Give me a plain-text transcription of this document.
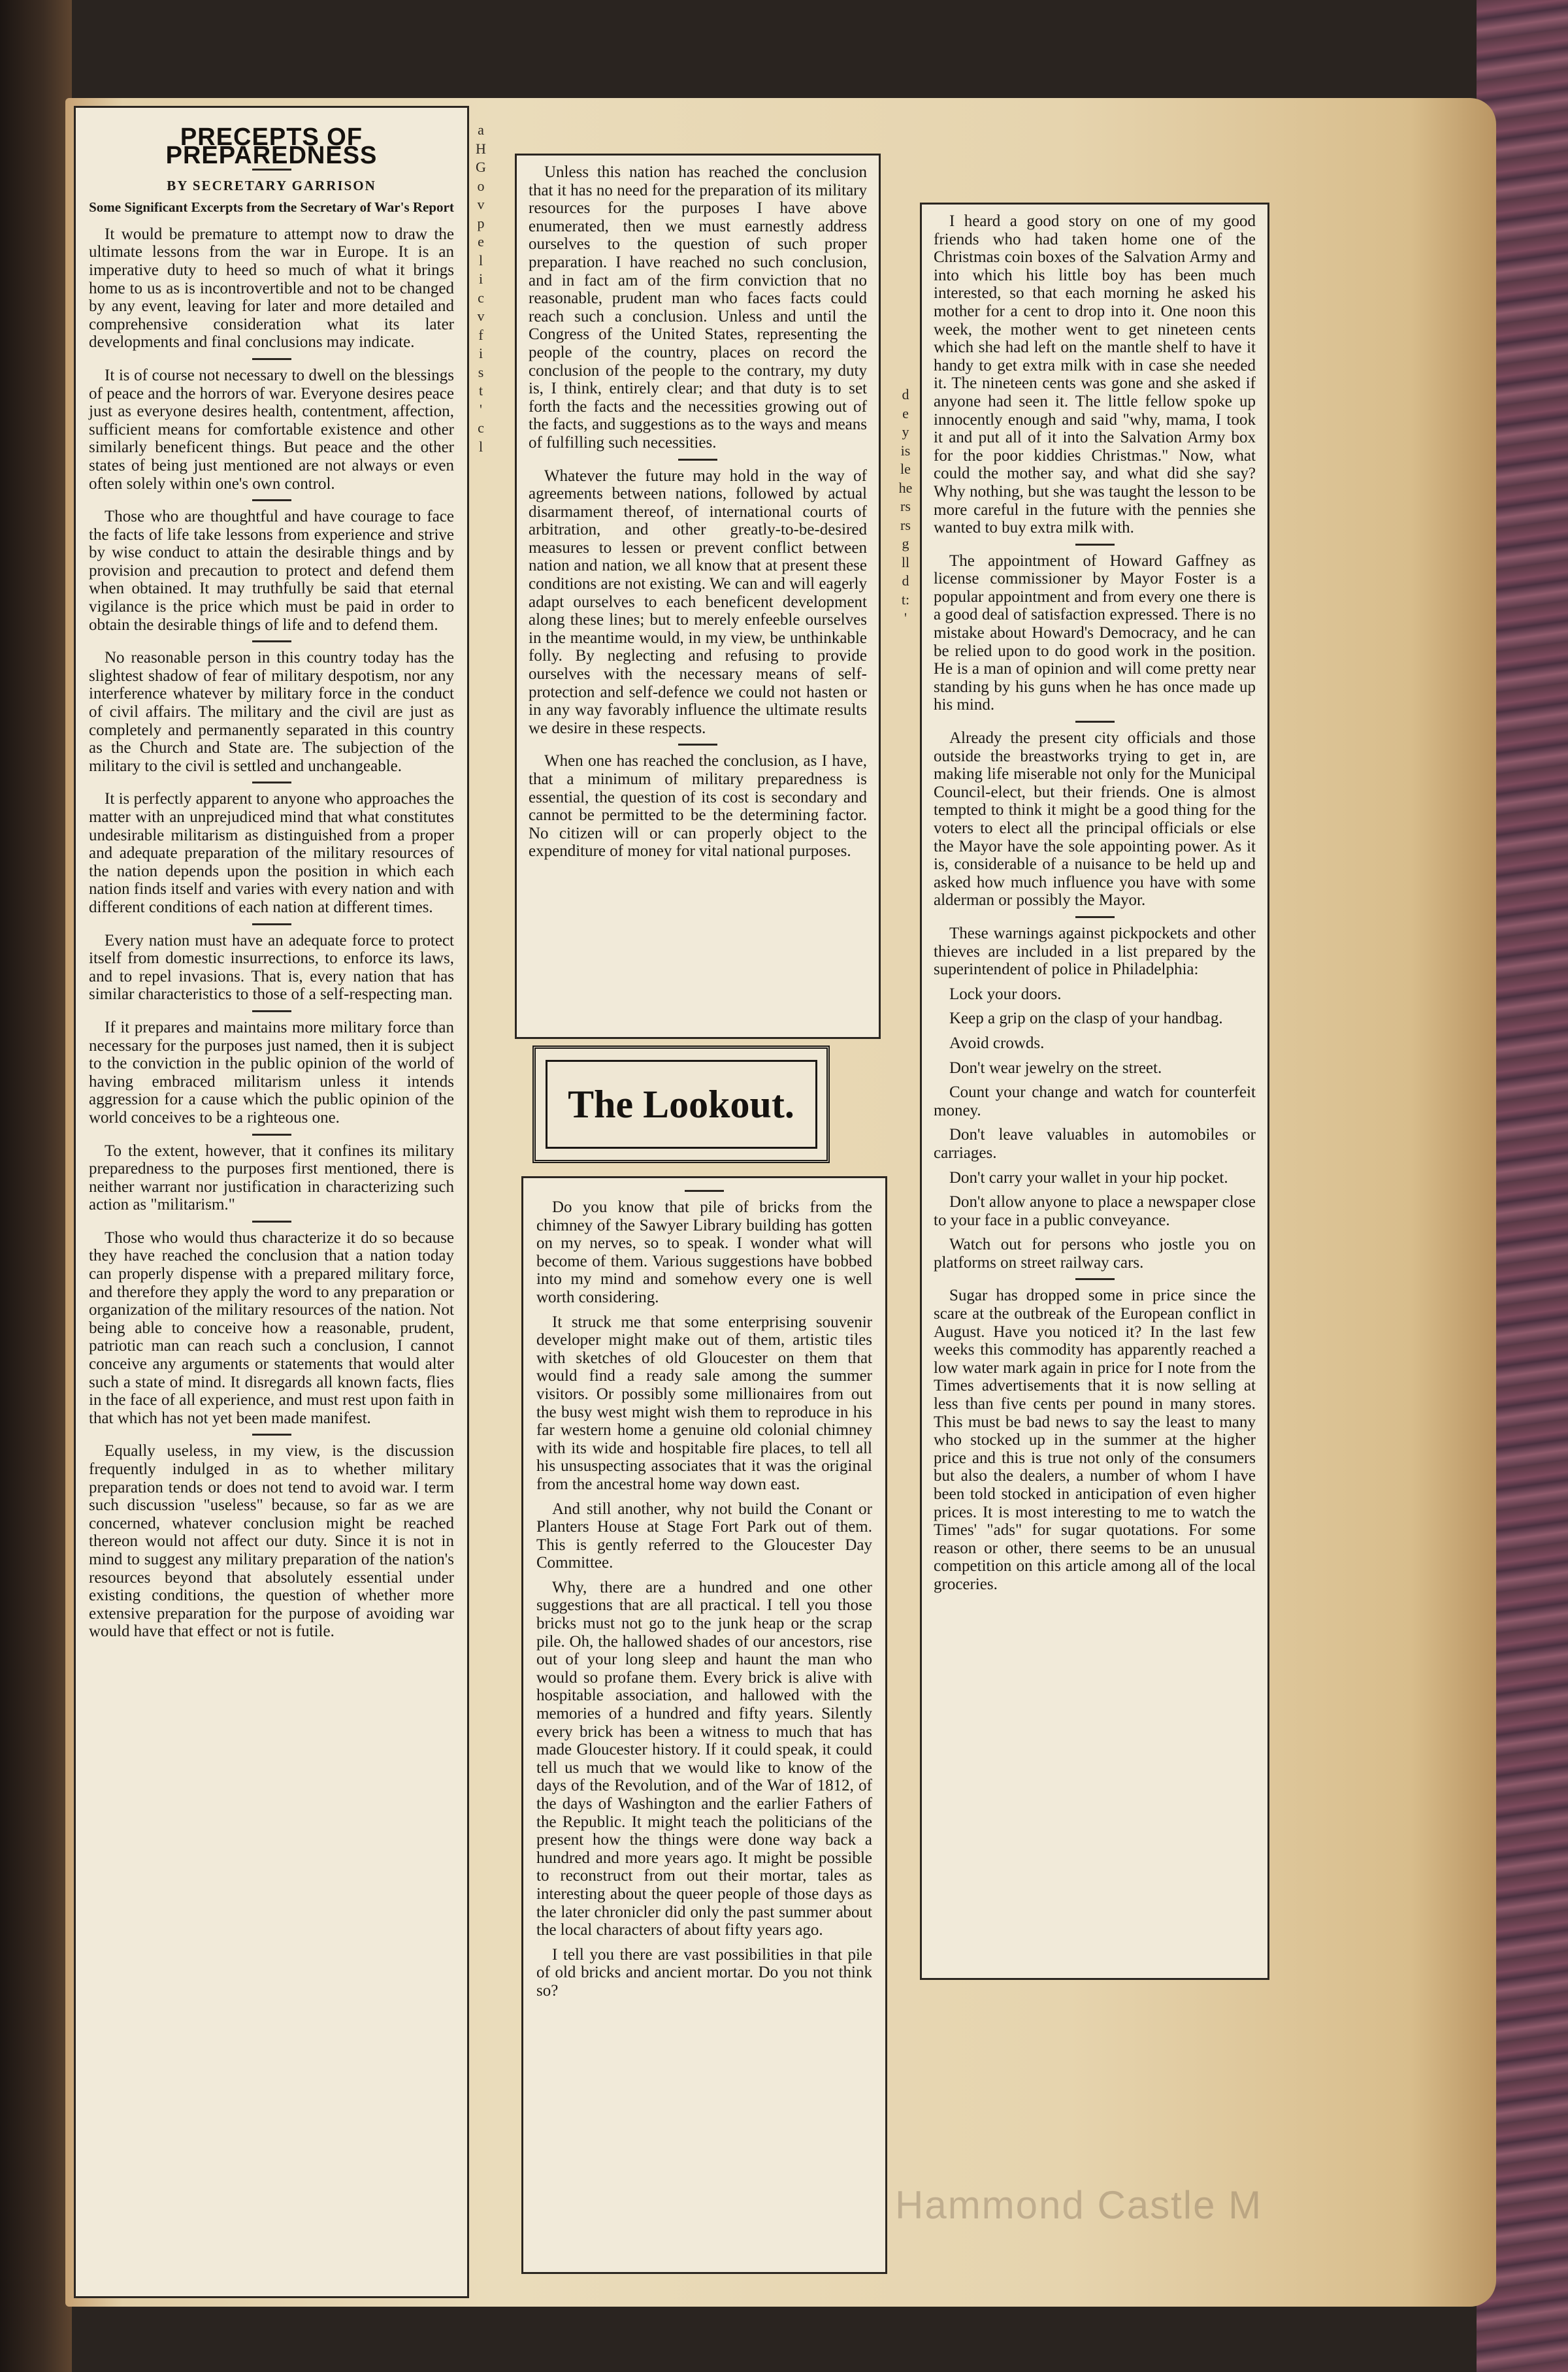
PRECEPTS OF PREPAREDNESS
BY SECRETARY GARRISON
Some Significant Excerpts from the Secretary of War's Report

It would be premature to attempt now to draw the ultimate lessons from the war in Europe. It is an imperative duty to heed so much of what it brings home to us as is incontrovertible and not to be changed by any event, leaving for later and more detailed and comprehensive consideration what its later developments and final conclusions may indicate.

It is of course not necessary to dwell on the blessings of peace and the horrors of war. Everyone desires peace just as everyone desires health, contentment, affection, sufficient means for comfortable existence and other similarly beneficent things. But peace and the other states of being just mentioned are not always or even often solely within one's own control.

Those who are thoughtful and have courage to face the facts of life take lessons from experience and strive by wise conduct to attain the desirable things and by provision and precaution to protect and defend them when obtained. It may truthfully be said that eternal vigilance is the price which must be paid in order to obtain the desirable things of life and to defend them.

No reasonable person in this country today has the slightest shadow of fear of military despotism, nor any interference whatever by military force in the conduct of civil affairs. The military and the civil are just as completely and permanently separated in this country as the Church and State are. The subjection of the military to the civil is settled and unchangeable.

It is perfectly apparent to anyone who approaches the matter with an unprejudiced mind that what constitutes undesirable militarism as distinguished from a proper and adequate preparation of the military resources of the nation depends upon the position in which each nation finds itself and varies with every nation and with different conditions of each nation at different times.

Every nation must have an adequate force to protect itself from domestic insurrections, to enforce its laws, and to repel invasions. That is, every nation that has similar characteristics to those of a self-respecting man.

If it prepares and maintains more military force than necessary for the purposes just named, then it is subject to the conviction in the public opinion of the world of having embraced militarism unless it intends aggression for a cause which the public opinion of the world conceives to be a righteous one.

To the extent, however, that it confines its military preparedness to the purposes first mentioned, there is neither warrant nor justification in characterizing such action as "militarism."

Those who would thus characterize it do so because they have reached the conclusion that a nation today can properly dispense with a prepared military force, and therefore they apply the word to any preparation or organization of the military resources of the nation. Not being able to conceive how a reasonable, prudent, patriotic man can reach such a conclusion, I cannot conceive any arguments or statements that would alter such a state of mind. It disregards all known facts, flies in the face of all experience, and must rest upon faith in that which has not yet been made manifest.

Equally useless, in my view, is the discussion frequently indulged in as to whether military preparation tends or does not tend to avoid war. I term such discussion "useless" because, so far as we are concerned, whatever conclusion might be reached thereon would not affect our duty. Since it is not in mind to suggest any military preparation of the nation's resources beyond that absolutely essential under existing conditions, the question of whether more extensive preparation for the purpose of avoiding war would have that effect or not is futile.

a
H
G
o
v
p
e
l
i
c
v
f
i
s
t
'
c
l

Unless this nation has reached the conclusion that it has no need for the preparation of its military resources for the purposes I have above enumerated, then we must earnestly address ourselves to the question of such proper preparation. I have reached no such conclusion, and in fact am of the firm conviction that no reasonable, prudent man who faces facts could reach such a conclusion. Unless and until the Congress of the United States, representing the people of the country, places on record the conclusion of the people to the contrary, my duty is, I think, entirely clear; and that duty is to set forth the facts and the necessities growing out of the facts, and suggestions as to the ways and means of fulfilling such necessities.

Whatever the future may hold in the way of agreements between nations, followed by actual disarmament thereof, of international courts of arbitration, and other greatly-to-be-desired measures to lessen or prevent conflict between nation and nation, we all know that at present these conditions are not existing. We can and will eagerly adapt ourselves to each beneficent development along these lines; but to merely enfeeble ourselves in the meantime would, in my view, be unthinkable folly. By neglecting and refusing to provide ourselves with the necessary means of self-protection and self-defence we could not hasten or in any way favorably influence the ultimate results we desire in these respects.

When one has reached the conclusion, as I have, that a minimum of military preparedness is essential, the question of its cost is secondary and cannot be permitted to be the determining factor. No citizen will or can properly object to the expenditure of money for vital national purposes.

The Lookout.

Do you know that pile of bricks from the chimney of the Sawyer Library building has gotten on my nerves, so to speak. I wonder what will become of them. Various suggestions have bobbed into my mind and somehow every one is well worth considering.

It struck me that some enterprising souvenir developer might make out of them, artistic tiles with sketches of old Gloucester on them that would find a ready sale among the summer visitors. Or possibly some millionaires from out the busy west might wish them to reproduce in his far western home a genuine old colonial chimney with its wide and hospitable fire places, to tell all his unsuspecting associates that it was the original from the ancestral home way down east.

And still another, why not build the Conant or Planters House at Stage Fort Park out of them. This is gently referred to the Gloucester Day Committee.

Why, there are a hundred and one other suggestions that are all practical. I tell you those bricks must not go to the junk heap or the scrap pile. Oh, the hallowed shades of our ancestors, rise out of your long sleep and haunt the man who would so profane them. Every brick is alive with hospitable association, and hallowed with the memories of a hundred and fifty years. Silently every brick has been a witness to much that has made Gloucester history. If it could speak, it could tell us much that we would like to know of the days of the Revolution, and of the War of 1812, of the days of Washington and the earlier Fathers of the Republic. It might teach the politicians of the present how the things were done way back a hundred and more years ago. It might be possible to reconstruct from out their mortar, tales as interesting about the queer people of those days as the later chronicler did only the past summer about the local characters of about fifty years ago.

I tell you there are vast possibilities in that pile of old bricks and ancient mortar. Do you not think so?

d
e
y
is
le
he
rs
rs
g
ll
d
t:
'

I heard a good story on one of my good friends who had taken home one of the Christmas coin boxes of the Salvation Army and into which his little boy has been much interested, so that each morning he asked his mother for a cent to drop into it. One noon this week, the mother went to get nineteen cents which she had left on the mantle shelf to have it handy to get extra milk with in case she needed it. The nineteen cents was gone and she asked if anyone had seen it. The little fellow spoke up innocently enough and said "why, mama, I took it and put all of it into the Salvation Army box for the poor kiddies Christmas." Now, what could the mother say, and what did she say? Why nothing, but she was taught the lesson to be more careful in the future with the pennies she wanted to buy extra milk with.

The appointment of Howard Gaffney as license commissioner by Mayor Foster is a popular appointment and from every one there is a good deal of satisfaction expressed. There is no mistake about Howard's Democracy, and he can be relied upon to do good work in the position. He is a man of opinion and will come pretty near standing by his guns when he has once made up his mind.

Already the present city officials and those outside the breastworks trying to get in, are making life miserable not only for the Municipal Council-elect, but their friends. One is almost tempted to think it might be a good thing for the voters to elect all the principal officials or else the Mayor have the sole appointing power. As it is, considerable of a nuisance to be held up and asked how much influence you have with some alderman or possibly the Mayor.

These warnings against pickpockets and other thieves are included in a list prepared by the superintendent of police in Philadelphia:

Lock your doors.

Keep a grip on the clasp of your handbag.

Avoid crowds.

Don't wear jewelry on the street.

Count your change and watch for counterfeit money.

Don't leave valuables in automobiles or carriages.

Don't carry your wallet in your hip pocket.

Don't allow anyone to place a newspaper close to your face in a public conveyance.

Watch out for persons who jostle you on platforms on street railway cars.

Sugar has dropped some in price since the scare at the outbreak of the European conflict in August. Have you noticed it? In the last few weeks this commodity has apparently reached a low water mark again in price for I note from the Times advertisements that it is now selling at less than five cents per pound in many stores. This must be bad news to say the least to many who stocked up in the summer at the higher price and this is true not only of the consumers but also the dealers, a number of whom I have been told stocked in anticipation of even higher prices. It is most interesting to me to watch the Times' "ads" for sugar quotations. For some reason or other, there seems to be an unusual competition on this article among all of the local groceries.

Hammond Castle M
